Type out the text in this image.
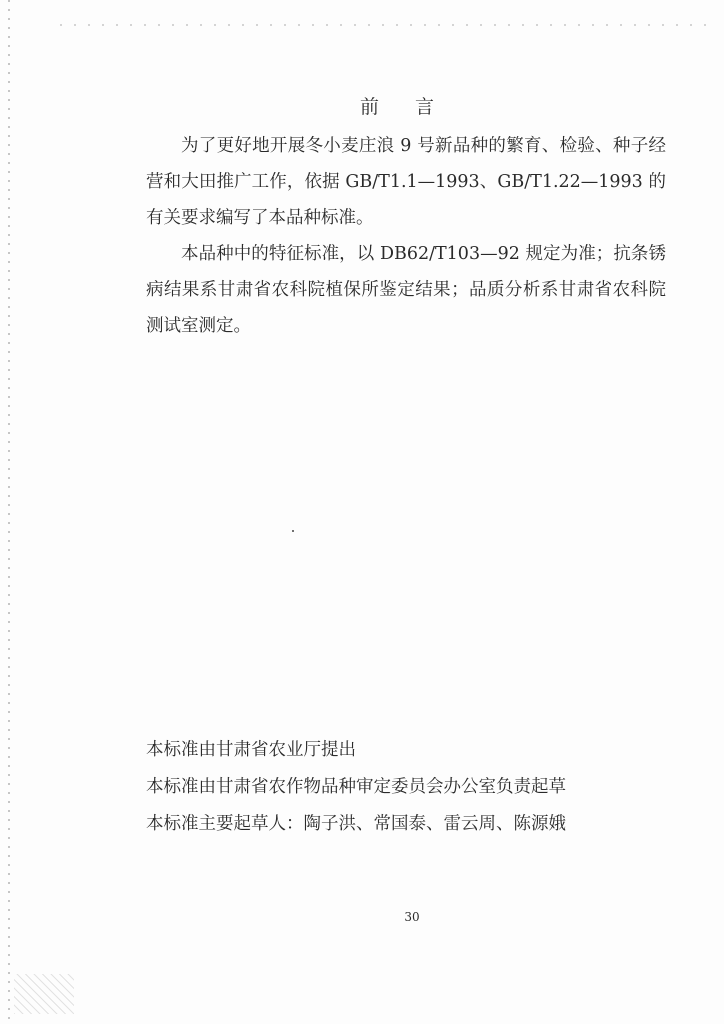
前 言

为了更好地开展冬小麦庄浪 9 号新品种的繁育、检验、种子经营和大田推广工作，依据 GB/T1.1—1993、GB/T1.22—1993 的有关要求编写了本品种标准。

本品种中的特征标准，以 DB62/T103—92 规定为准；抗条锈病结果系甘肃省农科院植保所鉴定结果；品质分析系甘肃省农科院测试室测定。

本标准由甘肃省农业厅提出
本标准由甘肃省农作物品种审定委员会办公室负责起草
本标准主要起草人：陶子洪、常国泰、雷云周、陈源娥
30
